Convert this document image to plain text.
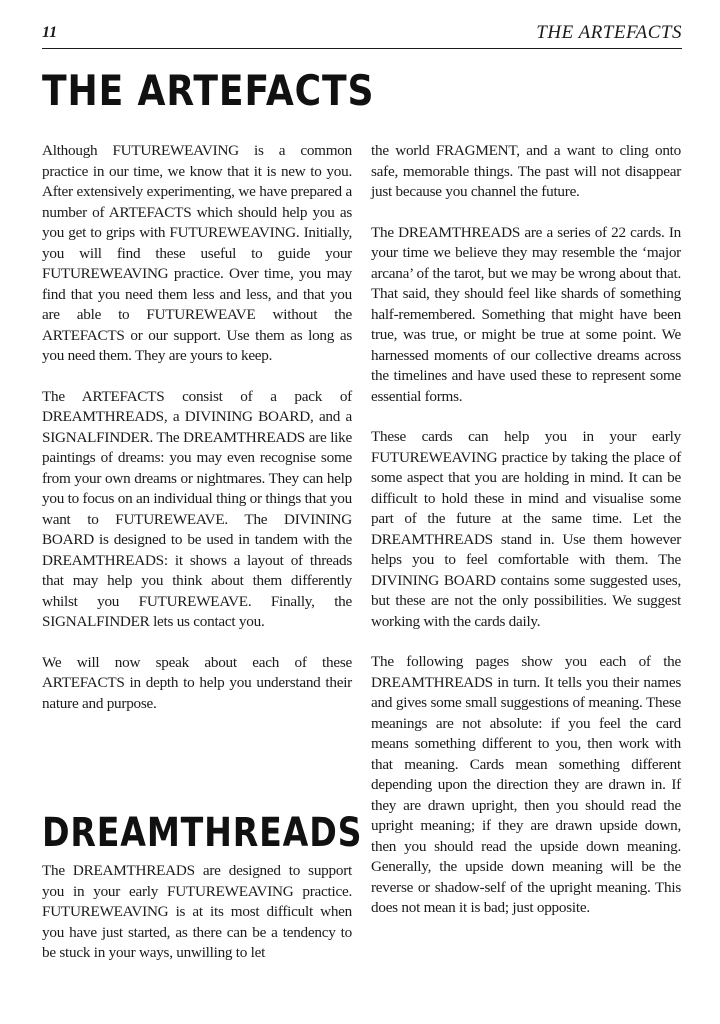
11	THE ARTEFACTS
THE ARTEFACTS

Although FUTUREWEAVING is a common practice in our time, we know that it is new to you. After extensively experimenting, we have prepared a number of ARTEFACTS which should help you as you get to grips with FUTUREWEAVING. Initially, you will find these useful to guide your FUTUREWEAVING practice. Over time, you may find that you need them less and less, and that you are able to FUTUREWEAVE without the ARTEFACTS or our support. Use them as long as you need them. They are yours to keep.

The ARTEFACTS consist of a pack of DREAMTHREADS, a DIVINING BOARD, and a SIGNALFINDER. The DREAMTHREADS are like paintings of dreams: you may even recognise some from your own dreams or nightmares. They can help you to focus on an individual thing or things that you want to FUTUREWEAVE. The DIVINING BOARD is designed to be used in tandem with the DREAMTHREADS: it shows a layout of threads that may help you think about them differently whilst you FUTUREWEAVE. Finally, the SIGNALFINDER lets us contact you.

We will now speak about each of these ARTEFACTS in depth to help you understand their nature and purpose.

DREAMTHREADS

The DREAMTHREADS are designed to support you in your early FUTUREWEAVING practice. FUTUREWEAVING is at its most difficult when you have just started, as there can be a tendency to be stuck in your ways, unwilling to let

the world FRAGMENT, and a want to cling onto safe, memorable things. The past will not disappear just because you channel the future.

The DREAMTHREADS are a series of 22 cards. In your time we believe they may resemble the ‘major arcana’ of the tarot, but we may be wrong about that. That said, they should feel like shards of something half-remembered. Something that might have been true, was true, or might be true at some point. We harnessed moments of our collective dreams across the timelines and have used these to represent some essential forms.

These cards can help you in your early FUTUREWEAVING practice by taking the place of some aspect that you are holding in mind. It can be difficult to hold these in mind and visualise some part of the future at the same time. Let the DREAMTHREADS stand in. Use them however helps you to feel comfortable with them. The DIVINING BOARD contains some suggested uses, but these are not the only possibilities. We suggest working with the cards daily.

The following pages show you each of the DREAMTHREADS in turn. It tells you their names and gives some small suggestions of meaning. These meanings are not absolute: if you feel the card means something different to you, then work with that meaning. Cards mean something different depending upon the direction they are drawn in. If they are drawn upright, then you should read the upright meaning; if they are drawn upside down, then you should read the upside down meaning. Generally, the upside down meaning will be the reverse or shadow-self of the upright meaning. This does not mean it is bad; just opposite.
